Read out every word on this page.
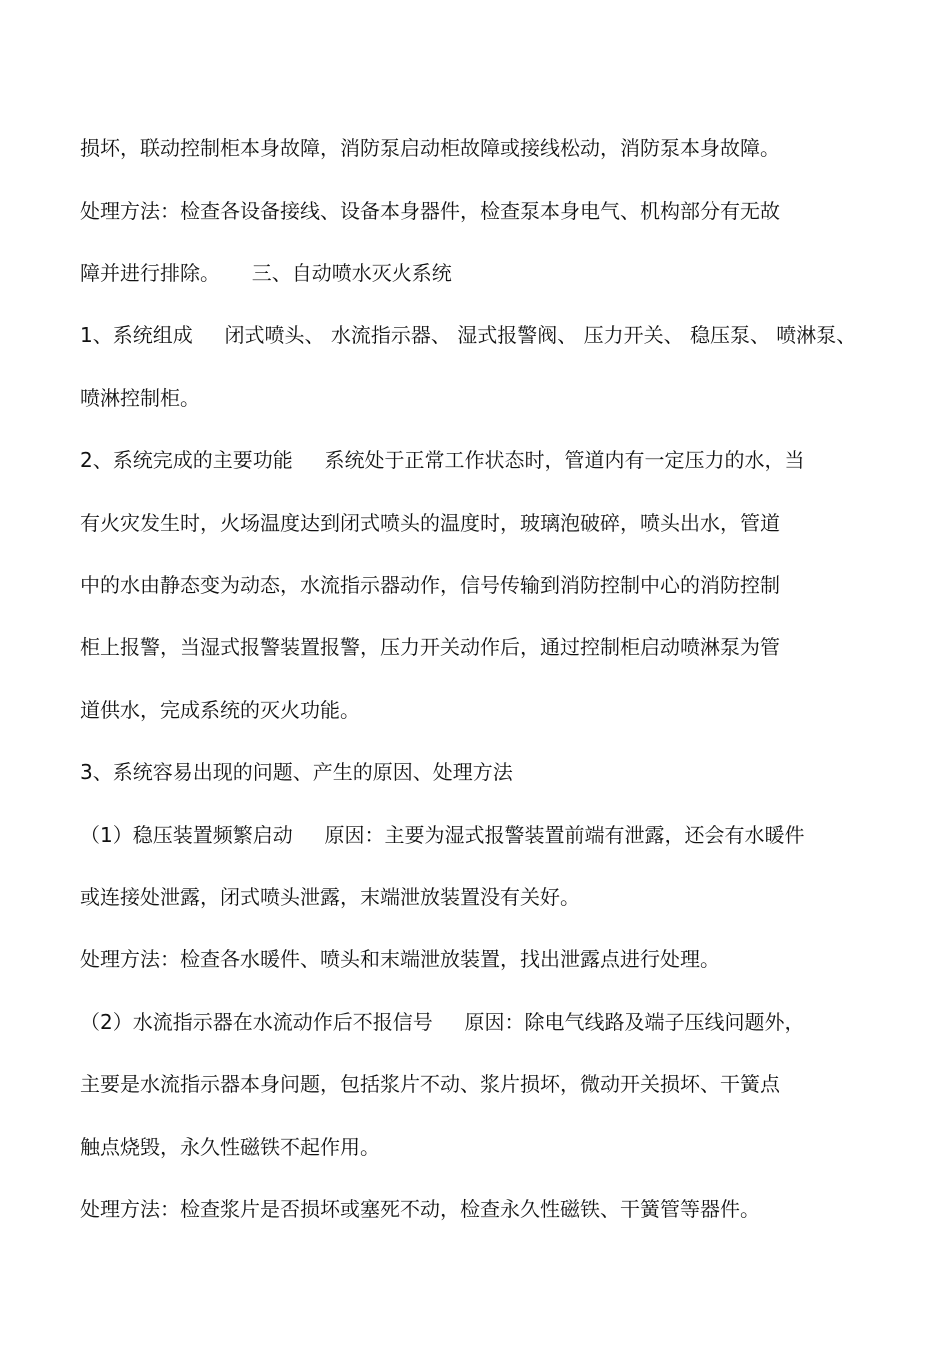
损坏，联动控制柜本身故障，消防泵启动柜故障或接线松动，消防泵本身故障。
处理方法：检查各设备接线、设备本身器件，检查泵本身电气、机构部分有无故
障并进行排除。     三、自动喷水灭火系统
1、系统组成     闭式喷头、 水流指示器、 湿式报警阀、 压力开关、 稳压泵、 喷淋泵、
喷淋控制柜。
2、系统完成的主要功能     系统处于正常工作状态时，管道内有一定压力的水，当
有火灾发生时，火场温度达到闭式喷头的温度时，玻璃泡破碎，喷头出水，管道
中的水由静态变为动态，水流指示器动作，信号传输到消防控制中心的消防控制
柜上报警，当湿式报警装置报警，压力开关动作后，通过控制柜启动喷淋泵为管
道供水，完成系统的灭火功能。
3、系统容易出现的问题、产生的原因、处理方法
（1）稳压装置频繁启动     原因：主要为湿式报警装置前端有泄露，还会有水暖件
或连接处泄露，闭式喷头泄露，末端泄放装置没有关好。
处理方法：检查各水暖件、喷头和末端泄放装置，找出泄露点进行处理。
（2）水流指示器在水流动作后不报信号     原因：除电气线路及端子压线问题外，
主要是水流指示器本身问题，包括浆片不动、浆片损坏，微动开关损坏、干簧点
触点烧毁，永久性磁铁不起作用。
处理方法：检查浆片是否损坏或塞死不动，检查永久性磁铁、干簧管等器件。
